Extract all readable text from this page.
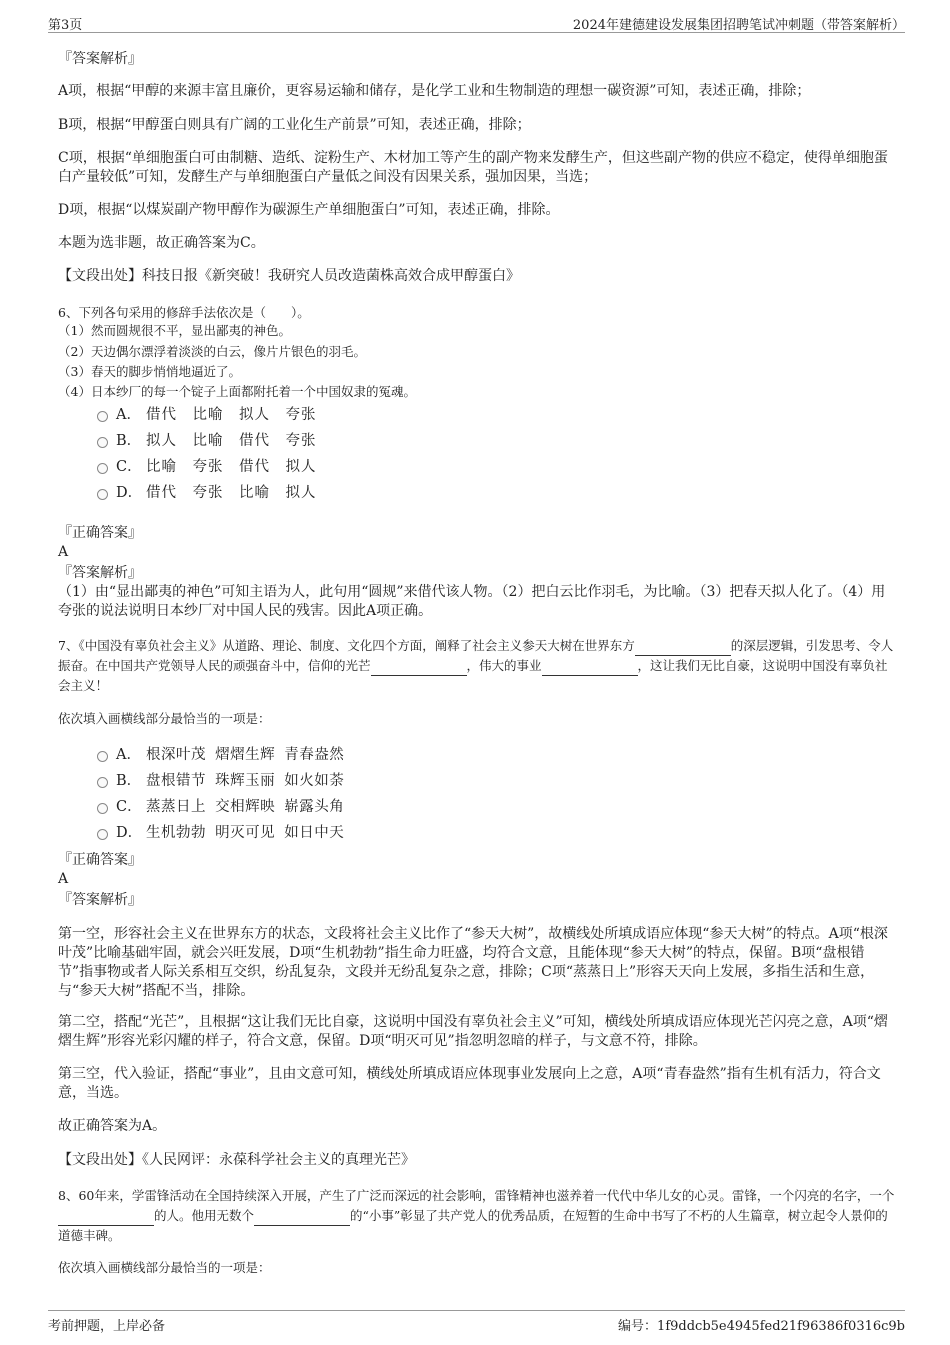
第3页	2024年建德建设发展集团招聘笔试冲刺题（带答案解析）
『答案解析』
A项，根据“甲醇的来源丰富且廉价，更容易运输和储存，是化学工业和生物制造的理想一碳资源”可知，表述正确，排除；
B项，根据“甲醇蛋白则具有广阔的工业化生产前景”可知，表述正确，排除；
C项，根据“单细胞蛋白可由制糖、造纸、淀粉生产、木材加工等产生的副产物来发酵生产，但这些副产物的供应不稳定，使得单细胞蛋白产量较低”可知，发酵生产与单细胞蛋白产量低之间没有因果关系，强加因果，当选；
D项，根据“以煤炭副产物甲醇作为碳源生产单细胞蛋白”可知，表述正确，排除。
本题为选非题，故正确答案为C。
【文段出处】科技日报《新突破！我研究人员改造菌株高效合成甲醇蛋白》
6、下列各句采用的修辞手法依次是（　　）。
（1）然而圆规很不平，显出鄙夷的神色。
（2）天边偶尔漂浮着淡淡的白云，像片片银色的羽毛。
（3）春天的脚步悄悄地逼近了。
（4）日本纱厂的每一个锭子上面都附托着一个中国奴隶的冤魂。
A． 借代　比喻　拟人　夸张
B． 拟人　比喻　借代　夸张
C． 比喻　夸张　借代　拟人
D． 借代　夸张　比喻　拟人
『正确答案』
A
『答案解析』
（1）由“显出鄙夷的神色”可知主语为人，此句用“圆规”来借代该人物。（2）把白云比作羽毛，为比喻。（3）把春天拟人化了。（4）用夸张的说法说明日本纱厂对中国人民的残害。因此A项正确。
7、《中国没有辜负社会主义》从道路、理论、制度、文化四个方面，阐释了社会主义参天大树在世界东方	的深层逻辑，引发思考、令人振奋。在中国共产党领导人民的顽强奋斗中，信仰的光芒	，伟大的事业	，这让我们无比自豪，这说明中国没有辜负社会主义！
依次填入画横线部分最恰当的一项是：
A． 根深叶茂 熠熠生辉 青春盎然
B． 盘根错节 珠辉玉丽 如火如荼
C． 蒸蒸日上 交相辉映 崭露头角
D． 生机勃勃 明灭可见 如日中天
『正确答案』
A
『答案解析』
第一空，形容社会主义在世界东方的状态，文段将社会主义比作了“参天大树”，故横线处所填成语应体现“参天大树”的特点。A项“根深叶茂”比喻基础牢固，就会兴旺发展，D项“生机勃勃”指生命力旺盛，均符合文意，且能体现“参天大树”的特点，保留。B项“盘根错节”指事物或者人际关系相互交织，纷乱复杂，文段并无纷乱复杂之意，排除；C项“蒸蒸日上”形容天天向上发展，多指生活和生意，与“参天大树”搭配不当，排除。
第二空，搭配“光芒”，且根据“这让我们无比自豪，这说明中国没有辜负社会主义”可知，横线处所填成语应体现光芒闪亮之意，A项“熠熠生辉”形容光彩闪耀的样子，符合文意，保留。D项“明灭可见”指忽明忽暗的样子，与文意不符，排除。
第三空，代入验证，搭配“事业”，且由文意可知，横线处所填成语应体现事业发展向上之意，A项“青春盎然”指有生机有活力，符合文意，当选。
故正确答案为A。
【文段出处】《人民网评：永葆科学社会主义的真理光芒》
8、60年来，学雷锋活动在全国持续深入开展，产生了广泛而深远的社会影响，雷锋精神也滋养着一代代中华儿女的心灵。雷锋，一个闪亮的名字，一个的人。他用无数个	的“小事”彰显了共产党人的优秀品质，在短暂的生命中书写了不朽的人生篇章，树立起令人景仰的道德丰碑。
依次填入画横线部分最恰当的一项是：
考前押题，上岸必备	编号：1f9ddcb5e4945fed21f96386f0316c9b
